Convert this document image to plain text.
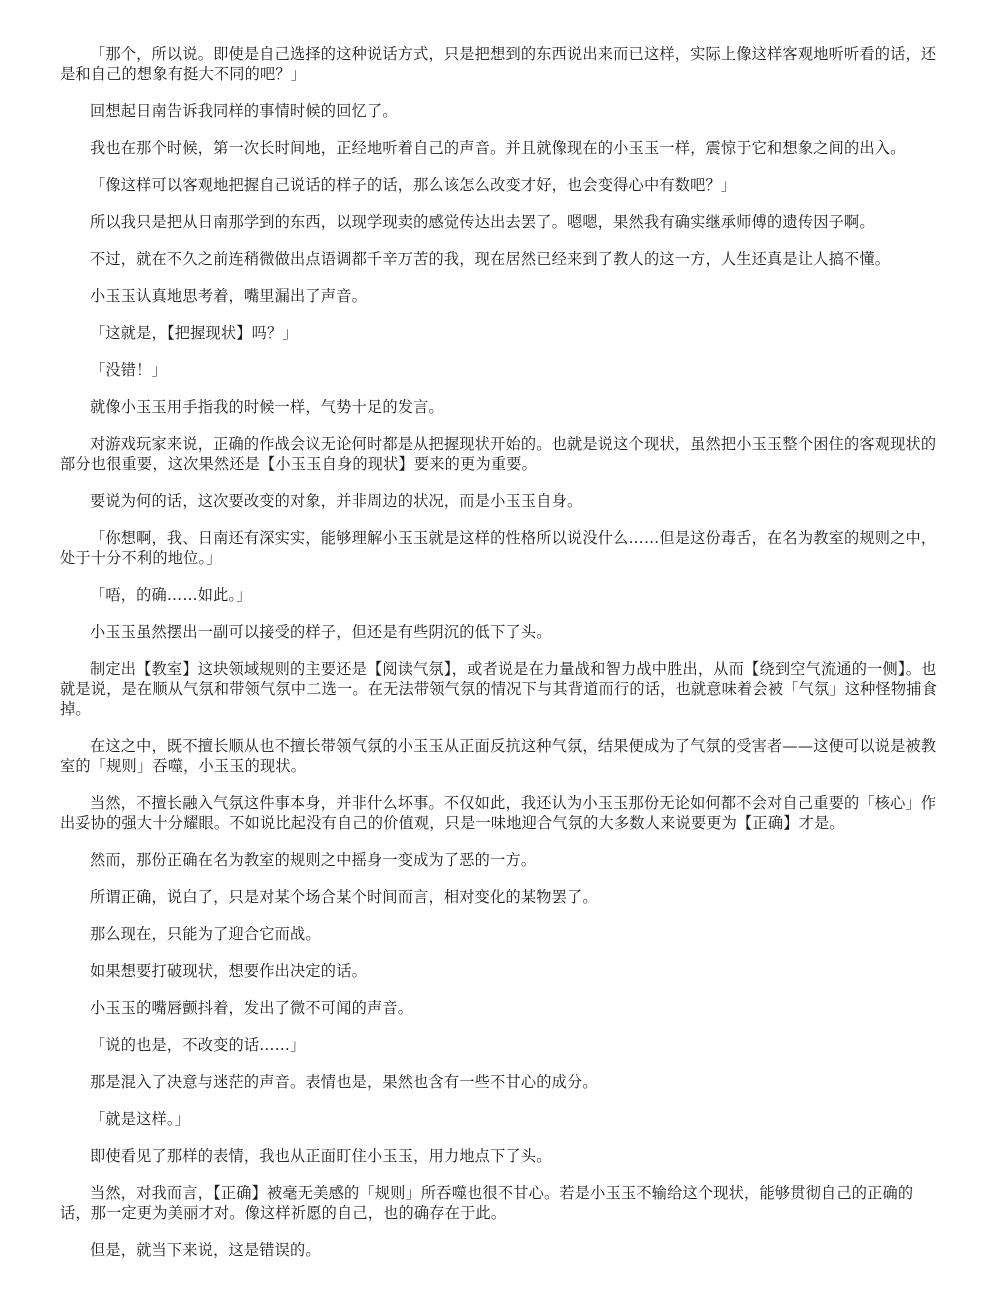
「那个，所以说。即使是自己选择的这种说话方式，只是把想到的东西说出来而已这样，实际上像这样客观地听听看的话，还是和自己的想象有挺大不同的吧？」

回想起日南告诉我同样的事情时候的回忆了。

我也在那个时候，第一次长时间地，正经地听着自己的声音。并且就像现在的小玉玉一样，震惊于它和想象之间的出入。

「像这样可以客观地把握自己说话的样子的话，那么该怎么改变才好，也会变得心中有数吧？」

所以我只是把从日南那学到的东西，以现学现卖的感觉传达出去罢了。嗯嗯，果然我有确实继承师傅的遗传因子啊。

不过，就在不久之前连稍微做出点语调都千辛万苦的我，现在居然已经来到了教人的这一方，人生还真是让人搞不懂。

小玉玉认真地思考着，嘴里漏出了声音。

「这就是，【把握现状】吗？」

「没错！」

就像小玉玉用手指我的时候一样，气势十足的发言。

对游戏玩家来说，正确的作战会议无论何时都是从把握现状开始的。也就是说这个现状，虽然把小玉玉整个困住的客观现状的部分也很重要，这次果然还是【小玉玉自身的现状】要来的更为重要。

要说为何的话，这次要改变的对象，并非周边的状况，而是小玉玉自身。

「你想啊，我、日南还有深实实，能够理解小玉玉就是这样的性格所以说没什么……但是这份毒舌，在名为教室的规则之中，处于十分不利的地位。」

「唔，的确……如此。」

小玉玉虽然摆出一副可以接受的样子，但还是有些阴沉的低下了头。

制定出【教室】这块领域规则的主要还是【阅读气氛】，或者说是在力量战和智力战中胜出，从而【绕到空气流通的一侧】。也就是说，是在顺从气氛和带领气氛中二选一。在无法带领气氛的情况下与其背道而行的话，也就意味着会被「气氛」这种怪物捕食掉。

在这之中，既不擅长顺从也不擅长带领气氛的小玉玉从正面反抗这种气氛，结果便成为了气氛的受害者——这便可以说是被教室的「规则」吞噬，小玉玉的现状。

当然，不擅长融入气氛这件事本身，并非什么坏事。不仅如此，我还认为小玉玉那份无论如何都不会对自己重要的「核心」作出妥协的强大十分耀眼。不如说比起没有自己的价值观，只是一味地迎合气氛的大多数人来说要更为【正确】才是。

然而，那份正确在名为教室的规则之中摇身一变成为了恶的一方。

所谓正确，说白了，只是对某个场合某个时间而言，相对变化的某物罢了。

那么现在，只能为了迎合它而战。

如果想要打破现状，想要作出决定的话。

小玉玉的嘴唇颤抖着，发出了微不可闻的声音。

「说的也是，不改变的话……」

那是混入了决意与迷茫的声音。表情也是，果然也含有一些不甘心的成分。

「就是这样。」

即使看见了那样的表情，我也从正面盯住小玉玉，用力地点下了头。

当然，对我而言，【正确】被毫无美感的「规则」所吞噬也很不甘心。若是小玉玉不输给这个现状，能够贯彻自己的正确的话，那一定更为美丽才对。像这样祈愿的自己，也的确存在于此。

但是，就当下来说，这是错误的。
